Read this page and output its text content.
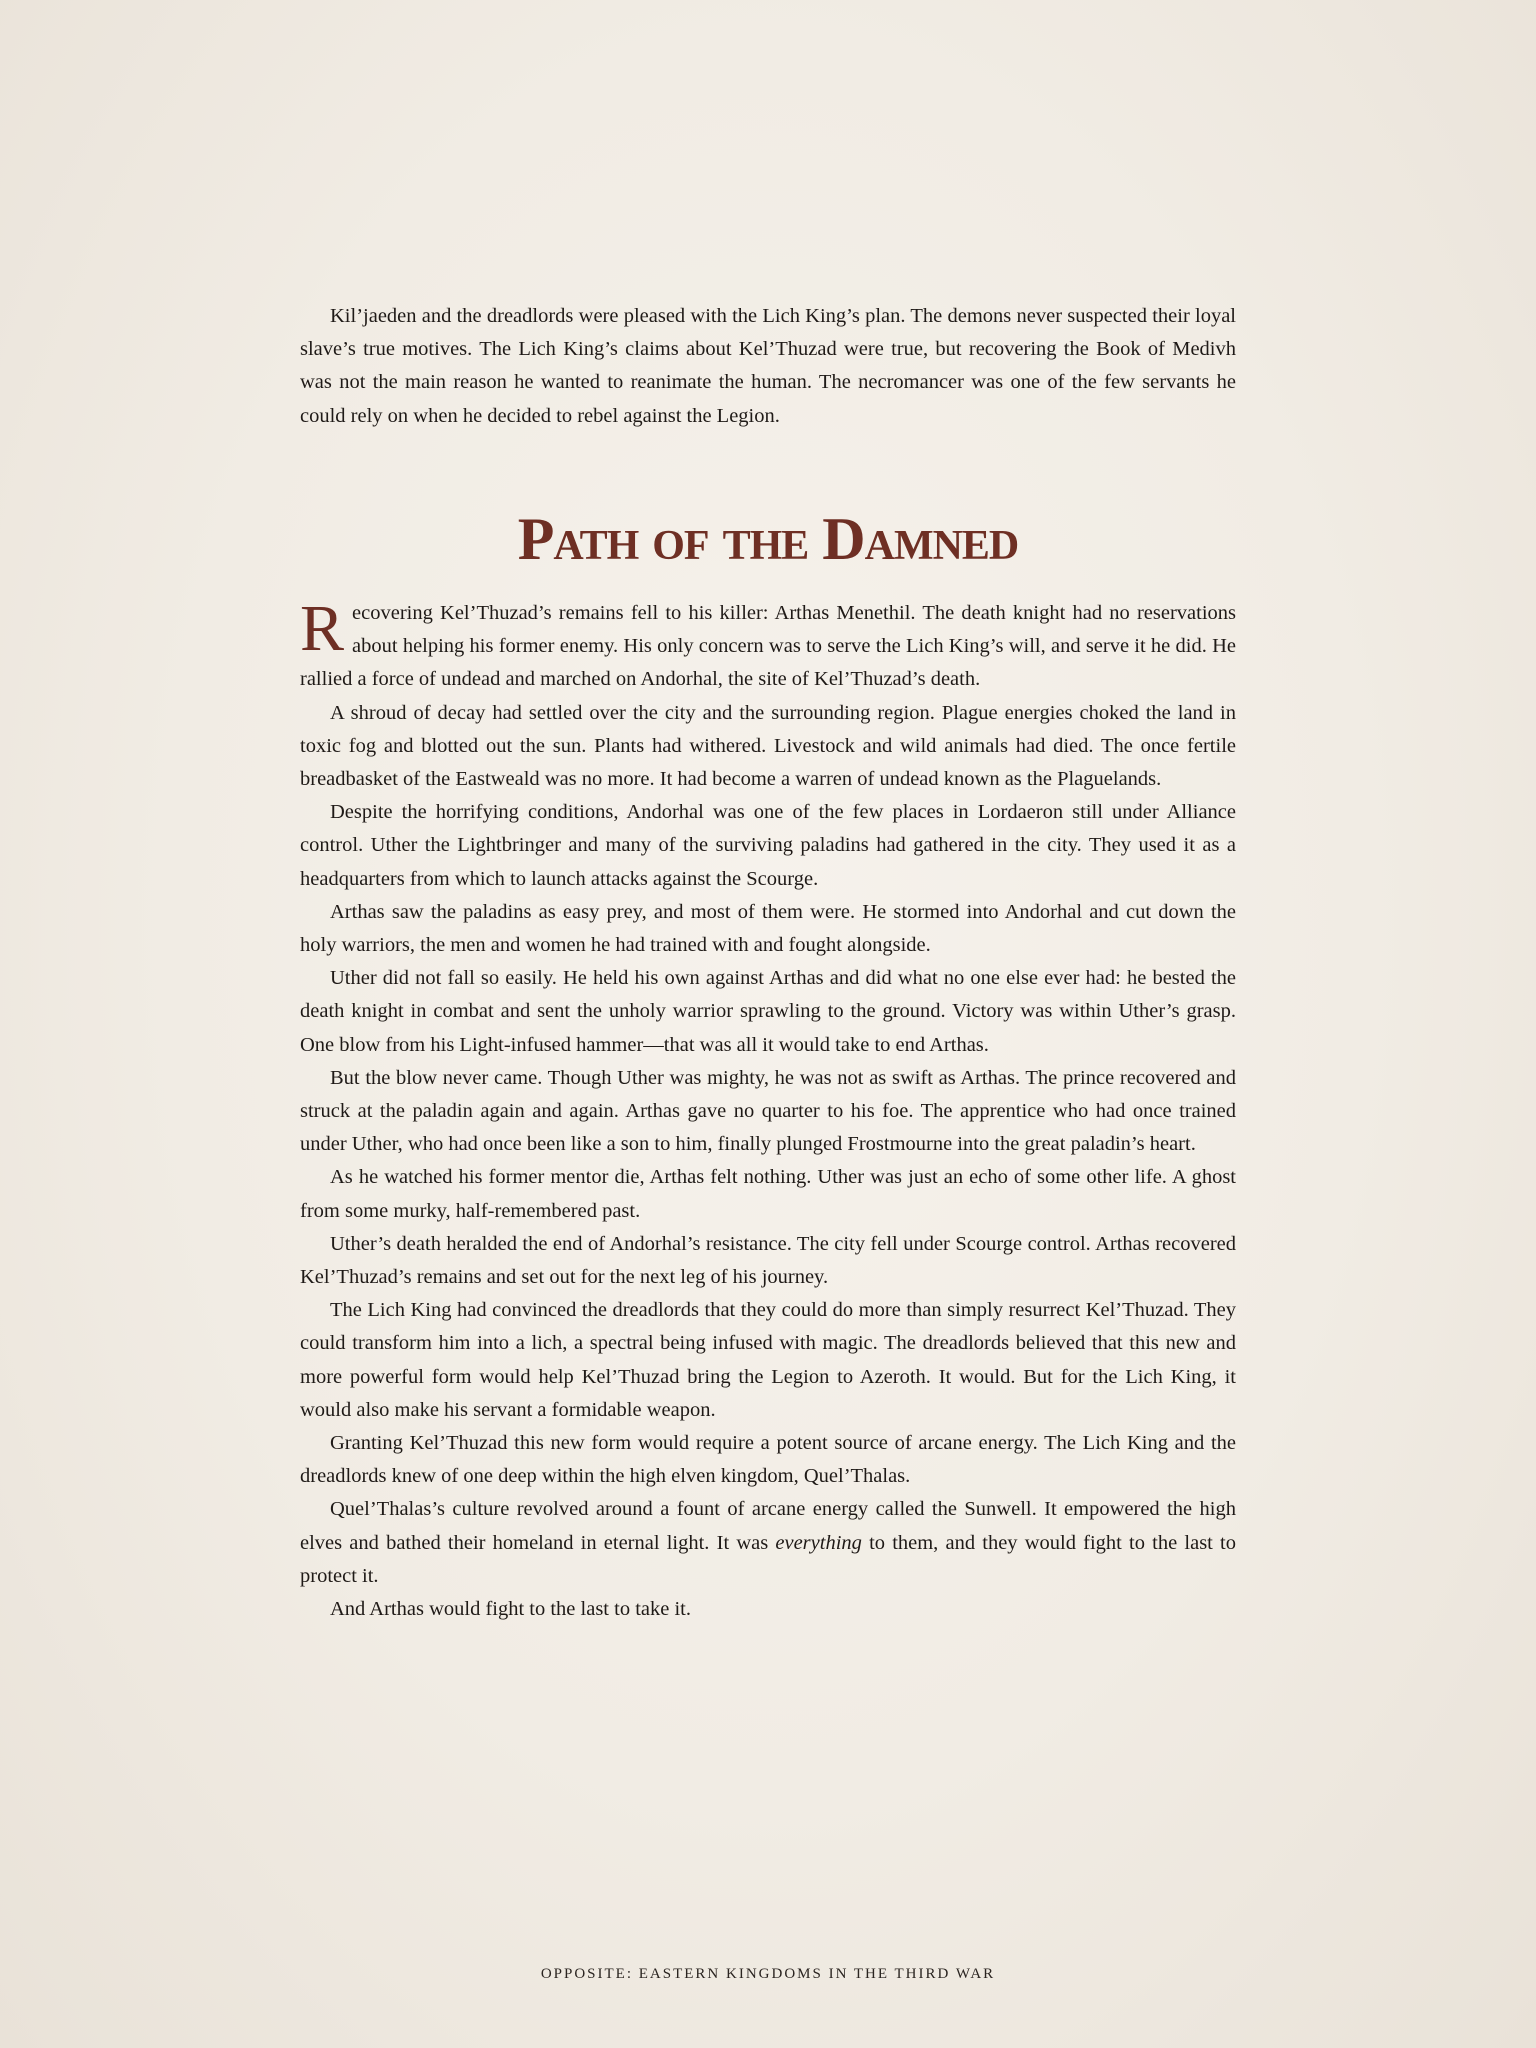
Kil’jaeden and the dreadlords were pleased with the Lich King’s plan. The demons never suspected their loyal slave’s true motives. The Lich King’s claims about Kel’Thuzad were true, but recovering the Book of Medivh was not the main reason he wanted to reanimate the human. The necromancer was one of the few servants he could rely on when he decided to rebel against the Legion.

Path of the Damned

Recovering Kel’Thuzad’s remains fell to his killer: Arthas Menethil. The death knight had no reservations about helping his former enemy. His only concern was to serve the Lich King’s will, and serve it he did. He rallied a force of undead and marched on Andorhal, the site of Kel’Thuzad’s death.

A shroud of decay had settled over the city and the surrounding region. Plague energies choked the land in toxic fog and blotted out the sun. Plants had withered. Livestock and wild animals had died. The once fertile breadbasket of the Eastweald was no more. It had become a warren of undead known as the Plaguelands.

Despite the horrifying conditions, Andorhal was one of the few places in Lordaeron still under Alliance control. Uther the Lightbringer and many of the surviving paladins had gathered in the city. They used it as a headquarters from which to launch attacks against the Scourge.

Arthas saw the paladins as easy prey, and most of them were. He stormed into Andorhal and cut down the holy warriors, the men and women he had trained with and fought alongside.

Uther did not fall so easily. He held his own against Arthas and did what no one else ever had: he bested the death knight in combat and sent the unholy warrior sprawling to the ground. Victory was within Uther’s grasp. One blow from his Light-infused hammer—that was all it would take to end Arthas.

But the blow never came. Though Uther was mighty, he was not as swift as Arthas. The prince recovered and struck at the paladin again and again. Arthas gave no quarter to his foe. The apprentice who had once trained under Uther, who had once been like a son to him, finally plunged Frostmourne into the great paladin’s heart.

As he watched his former mentor die, Arthas felt nothing. Uther was just an echo of some other life. A ghost from some murky, half-remembered past.

Uther’s death heralded the end of Andorhal’s resistance. The city fell under Scourge control. Arthas recovered Kel’Thuzad’s remains and set out for the next leg of his journey.

The Lich King had convinced the dreadlords that they could do more than simply resurrect Kel’Thuzad. They could transform him into a lich, a spectral being infused with magic. The dreadlords believed that this new and more powerful form would help Kel’Thuzad bring the Legion to Azeroth. It would. But for the Lich King, it would also make his servant a formidable weapon.

Granting Kel’Thuzad this new form would require a potent source of arcane energy. The Lich King and the dreadlords knew of one deep within the high elven kingdom, Quel’Thalas.

Quel’Thalas’s culture revolved around a fount of arcane energy called the Sunwell. It empowered the high elves and bathed their homeland in eternal light. It was everything to them, and they would fight to the last to protect it.

And Arthas would fight to the last to take it.

OPPOSITE: EASTERN KINGDOMS IN THE THIRD WAR
